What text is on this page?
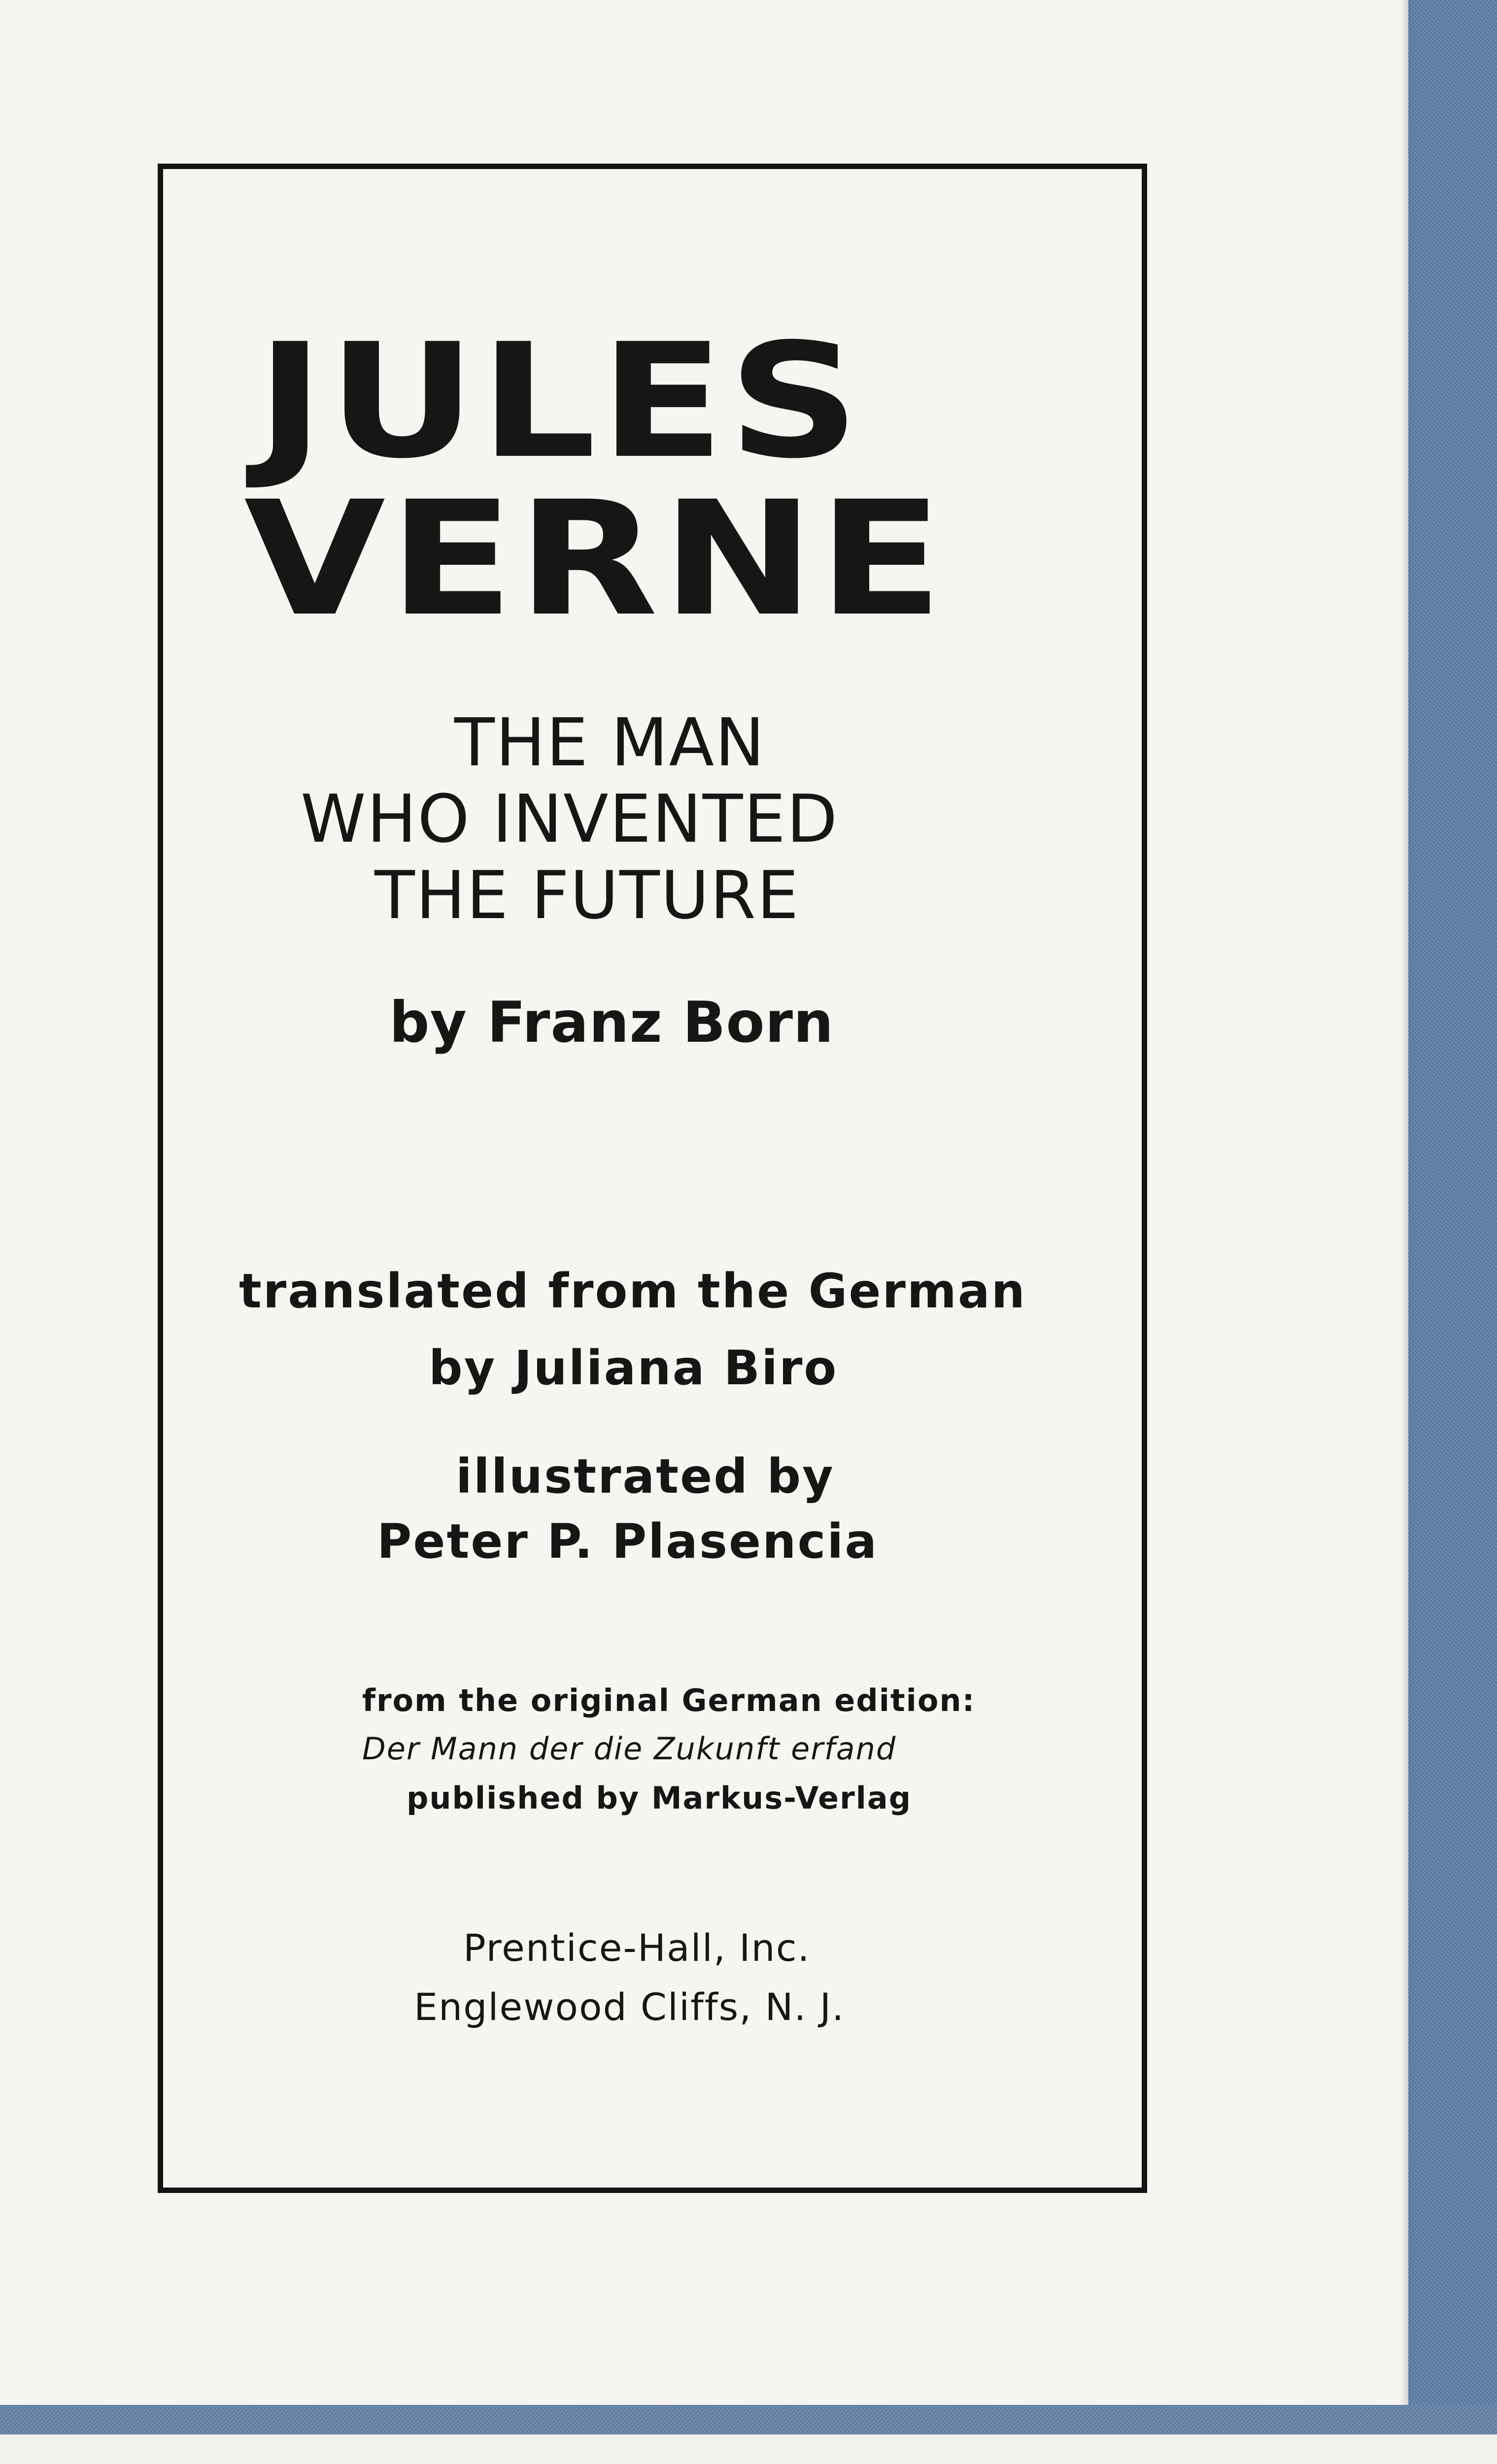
JULES
VERNE
THE MAN
WHO INVENTED
THE FUTURE
by Franz Born
translated from the German
by Juliana Biro
illustrated by
Peter P. Plasencia
from the original German edition:
Der Mann der die Zukunft erfand
published by Markus-Verlag
Prentice-Hall, Inc.
Englewood Cliffs, N. J.
